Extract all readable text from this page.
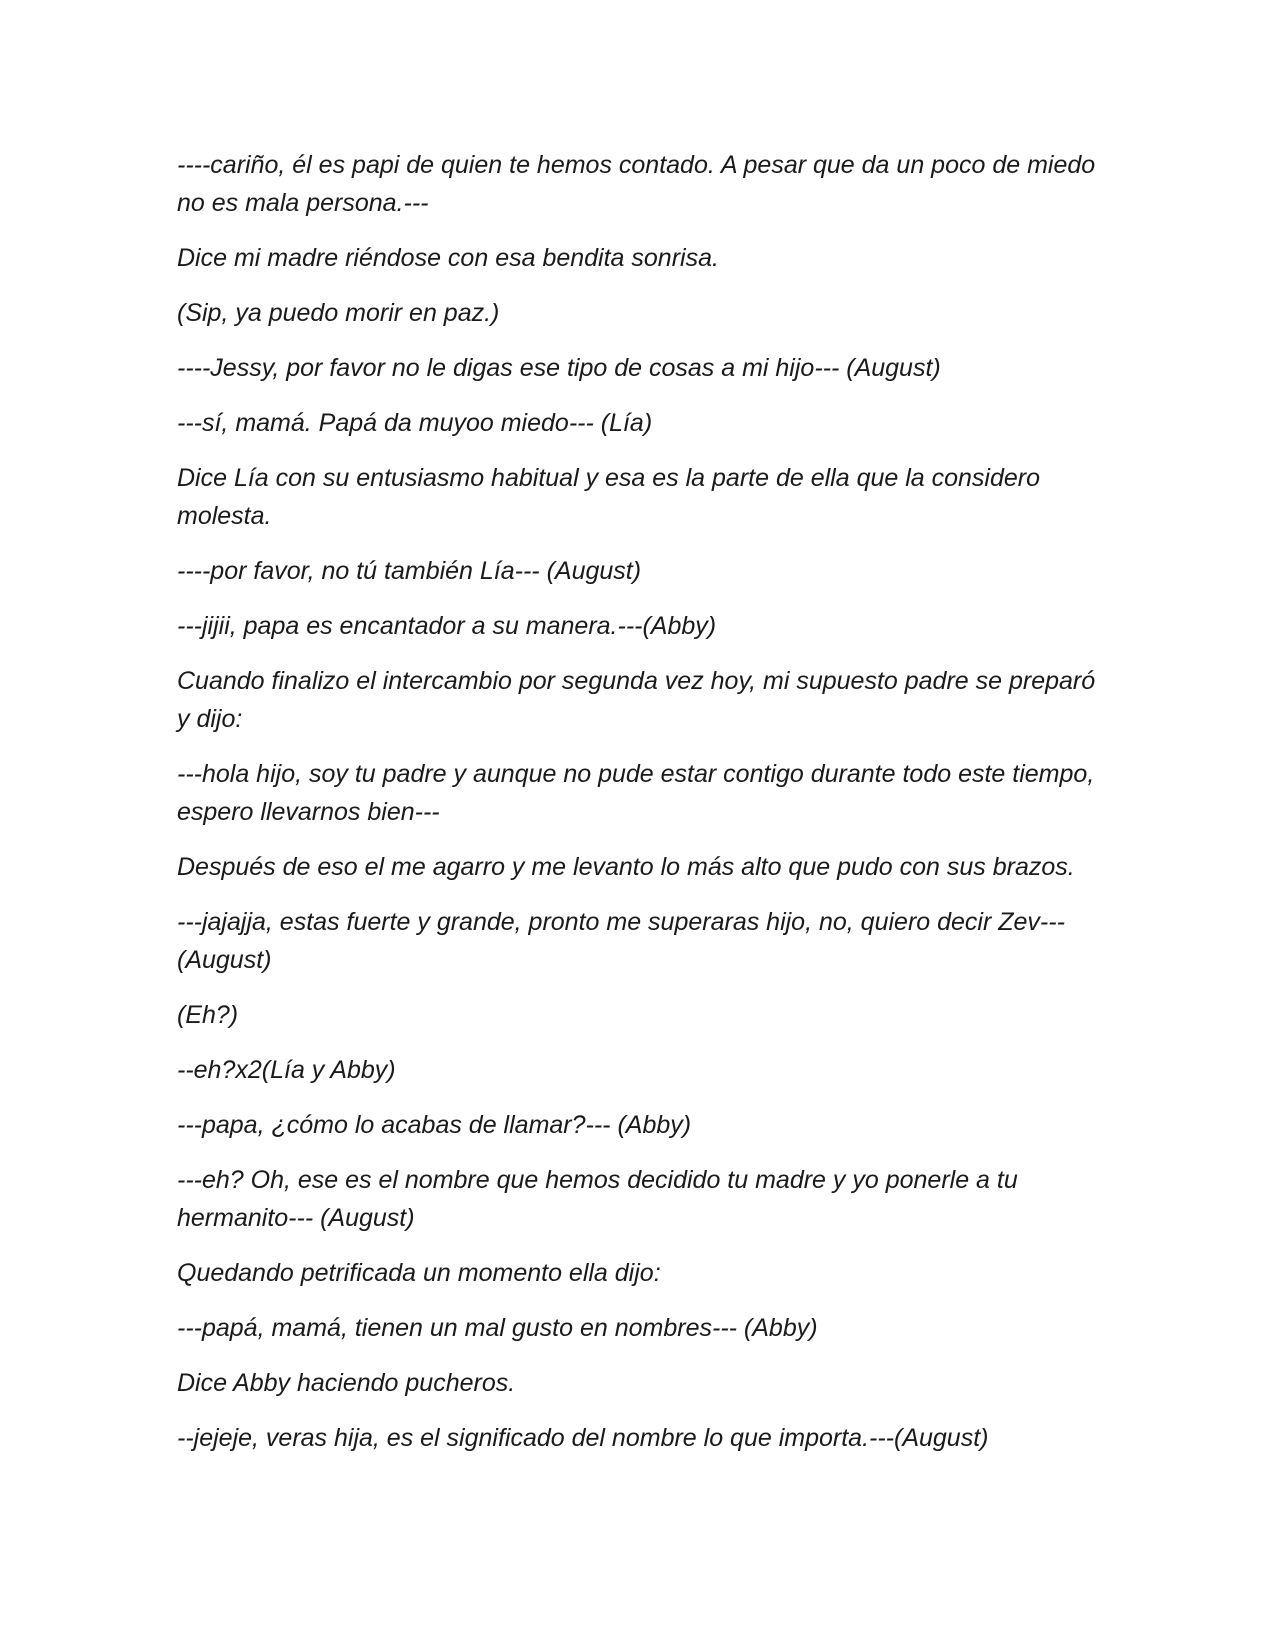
----cariño, él es papi de quien te hemos contado. A pesar que da un poco de miedo no es mala persona.---

Dice mi madre riéndose con esa bendita sonrisa.

(Sip, ya puedo morir en paz.)

----Jessy, por favor no le digas ese tipo de cosas a mi hijo--- (August)

---sí, mamá. Papá da muyoo miedo--- (Lía)

Dice Lía con su entusiasmo habitual y esa es la parte de ella que la considero molesta.

----por favor, no tú también Lía--- (August)

---jijii, papa es encantador a su manera.---(Abby)

Cuando finalizo el intercambio por segunda vez hoy, mi supuesto padre se preparó y dijo:

---hola hijo, soy tu padre y aunque no pude estar contigo durante todo este tiempo, espero llevarnos bien---

Después de eso el me agarro y me levanto lo más alto que pudo con sus brazos.

---jajajja, estas fuerte y grande, pronto me superaras hijo, no, quiero decir Zev--- (August)

(Eh?)

--eh?x2(Lía y Abby)

---papa, ¿cómo lo acabas de llamar?--- (Abby)

---eh? Oh, ese es el nombre que hemos decidido tu madre y yo ponerle a tu hermanito--- (August)

Quedando petrificada un momento ella dijo:

---papá, mamá, tienen un mal gusto en nombres--- (Abby)

Dice Abby haciendo pucheros.

--jejeje, veras hija, es el significado del nombre lo que importa.---(August)
